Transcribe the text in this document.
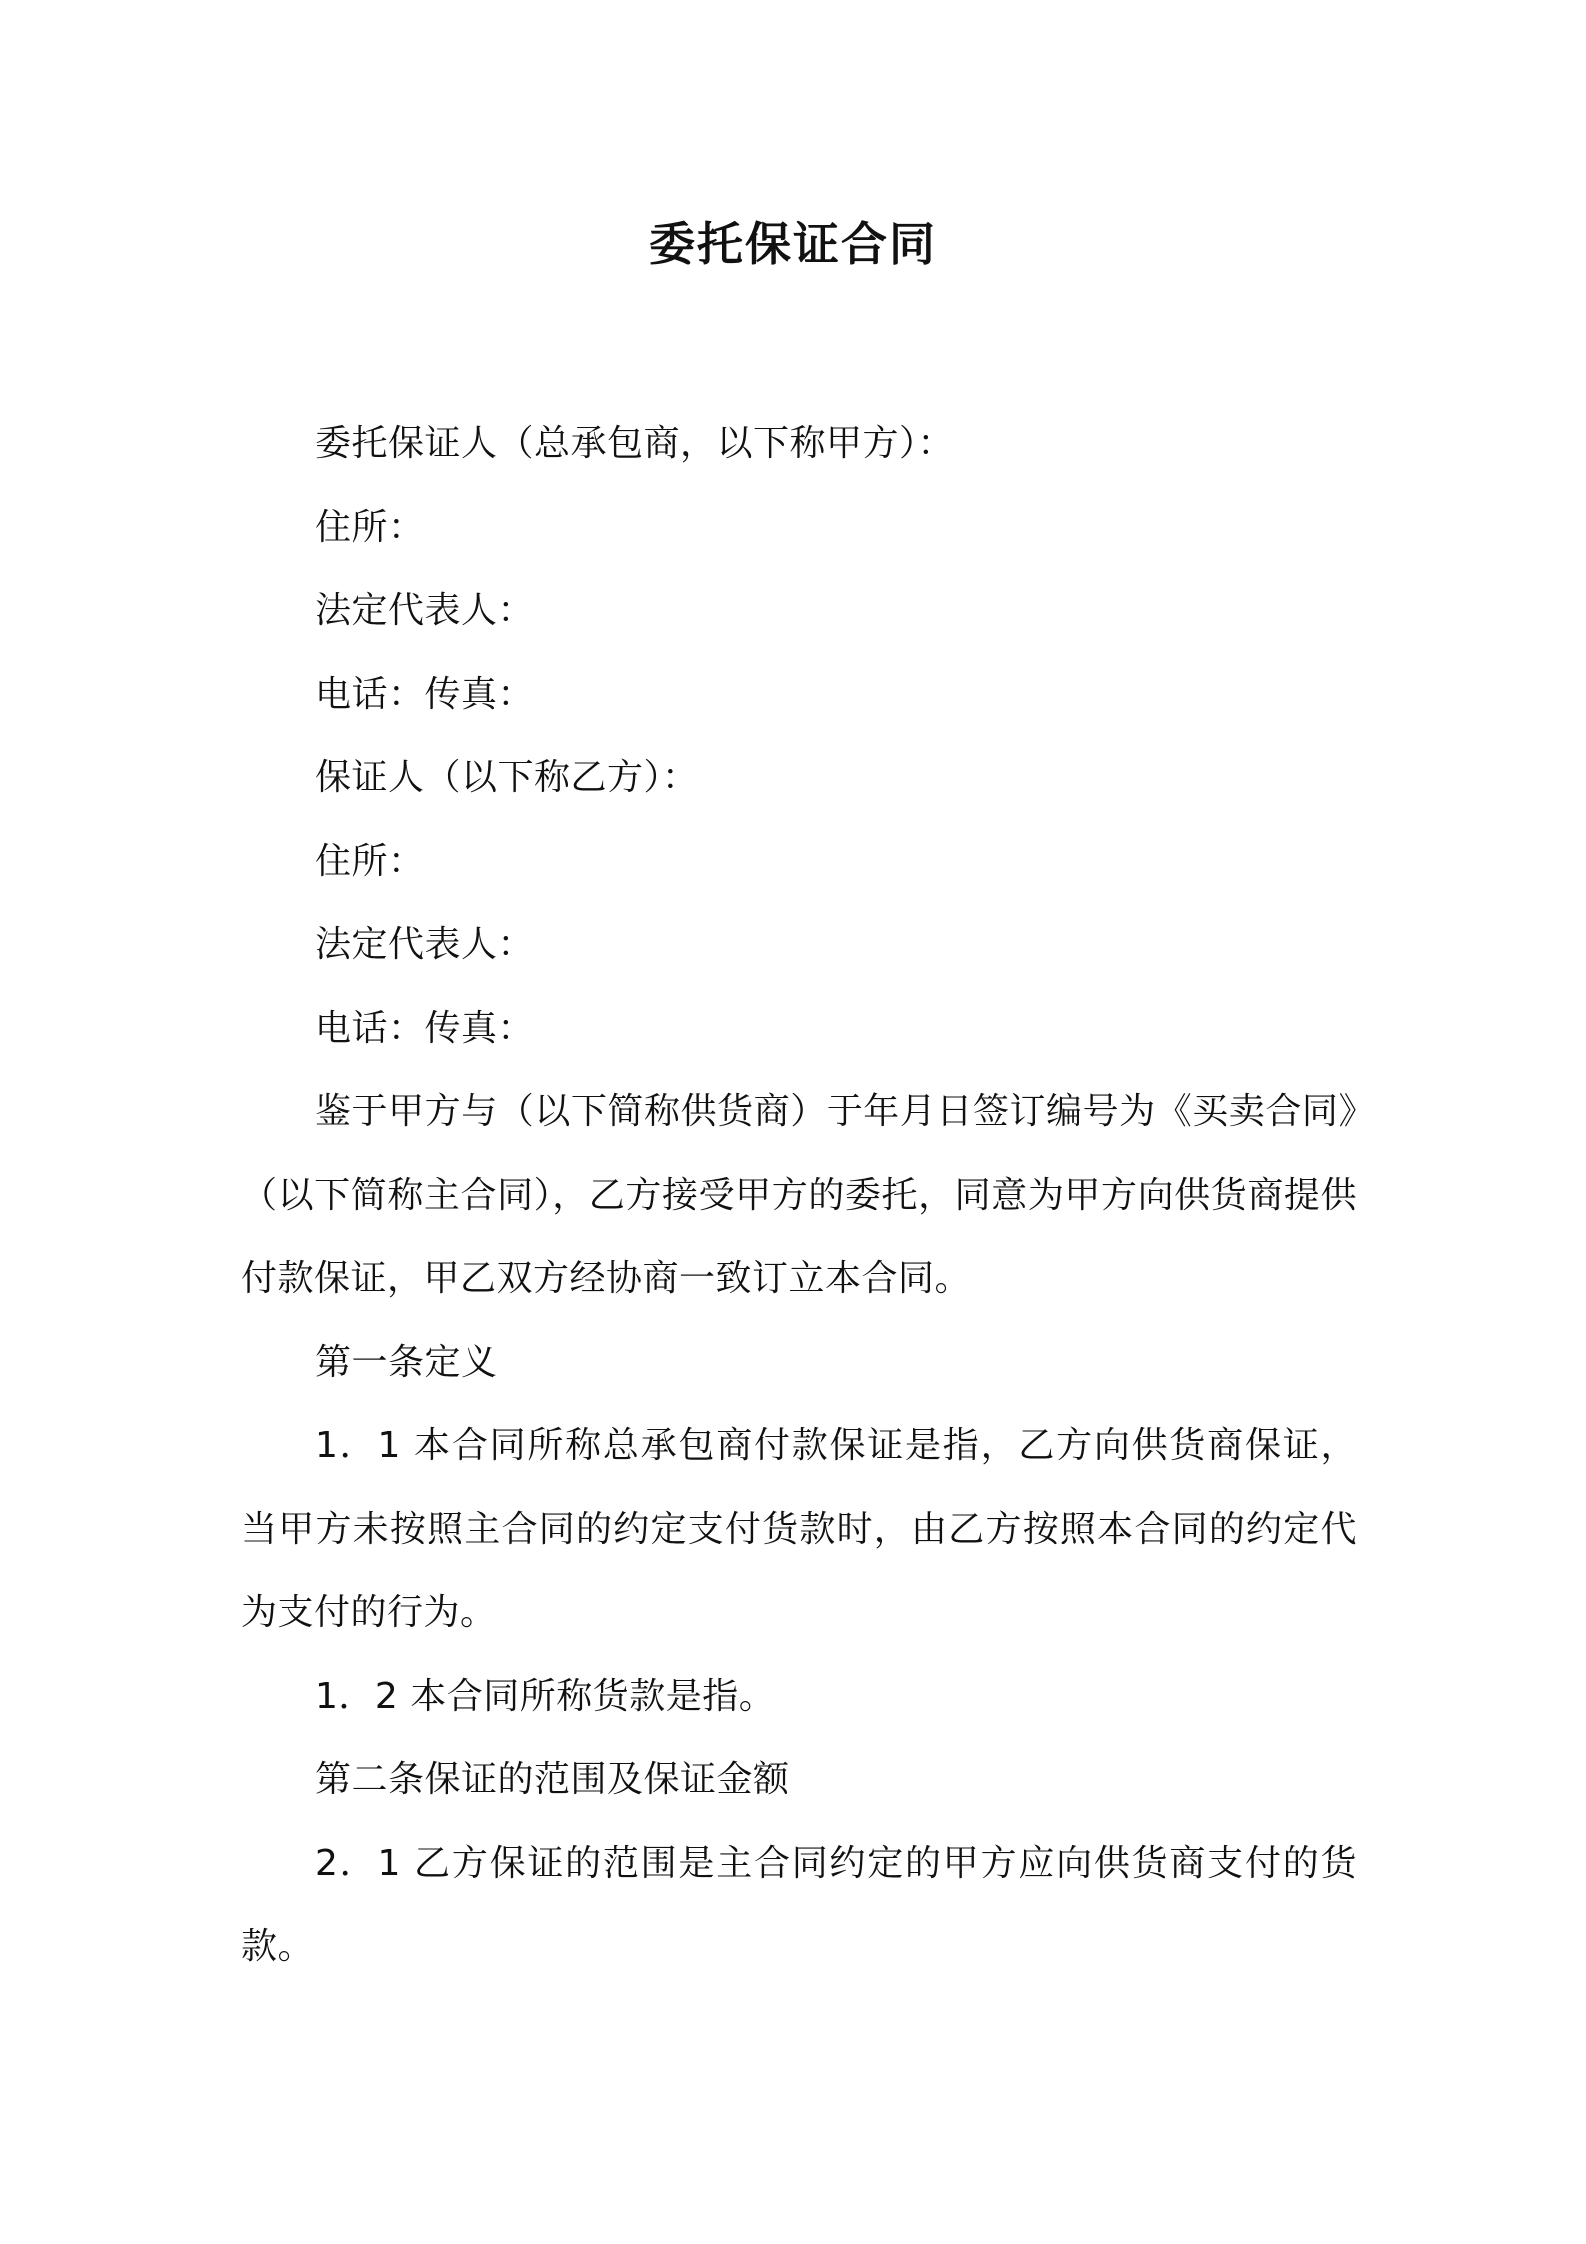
委托保证合同

委托保证人（总承包商，以下称甲方）：

住所：

法定代表人：

电话：传真：

保证人（以下称乙方）：

住所：

法定代表人：

电话：传真：

鉴于甲方与（以下简称供货商）于年月日签订编号为《买卖合同》（以下简称主合同），乙方接受甲方的委托，同意为甲方向供货商提供付款保证，甲乙双方经协商一致订立本合同。

第一条定义

1．1 本合同所称总承包商付款保证是指，乙方向供货商保证，当甲方未按照主合同的约定支付货款时，由乙方按照本合同的约定代为支付的行为。

1．2 本合同所称货款是指。

第二条保证的范围及保证金额

2．1 乙方保证的范围是主合同约定的甲方应向供货商支付的货款。
